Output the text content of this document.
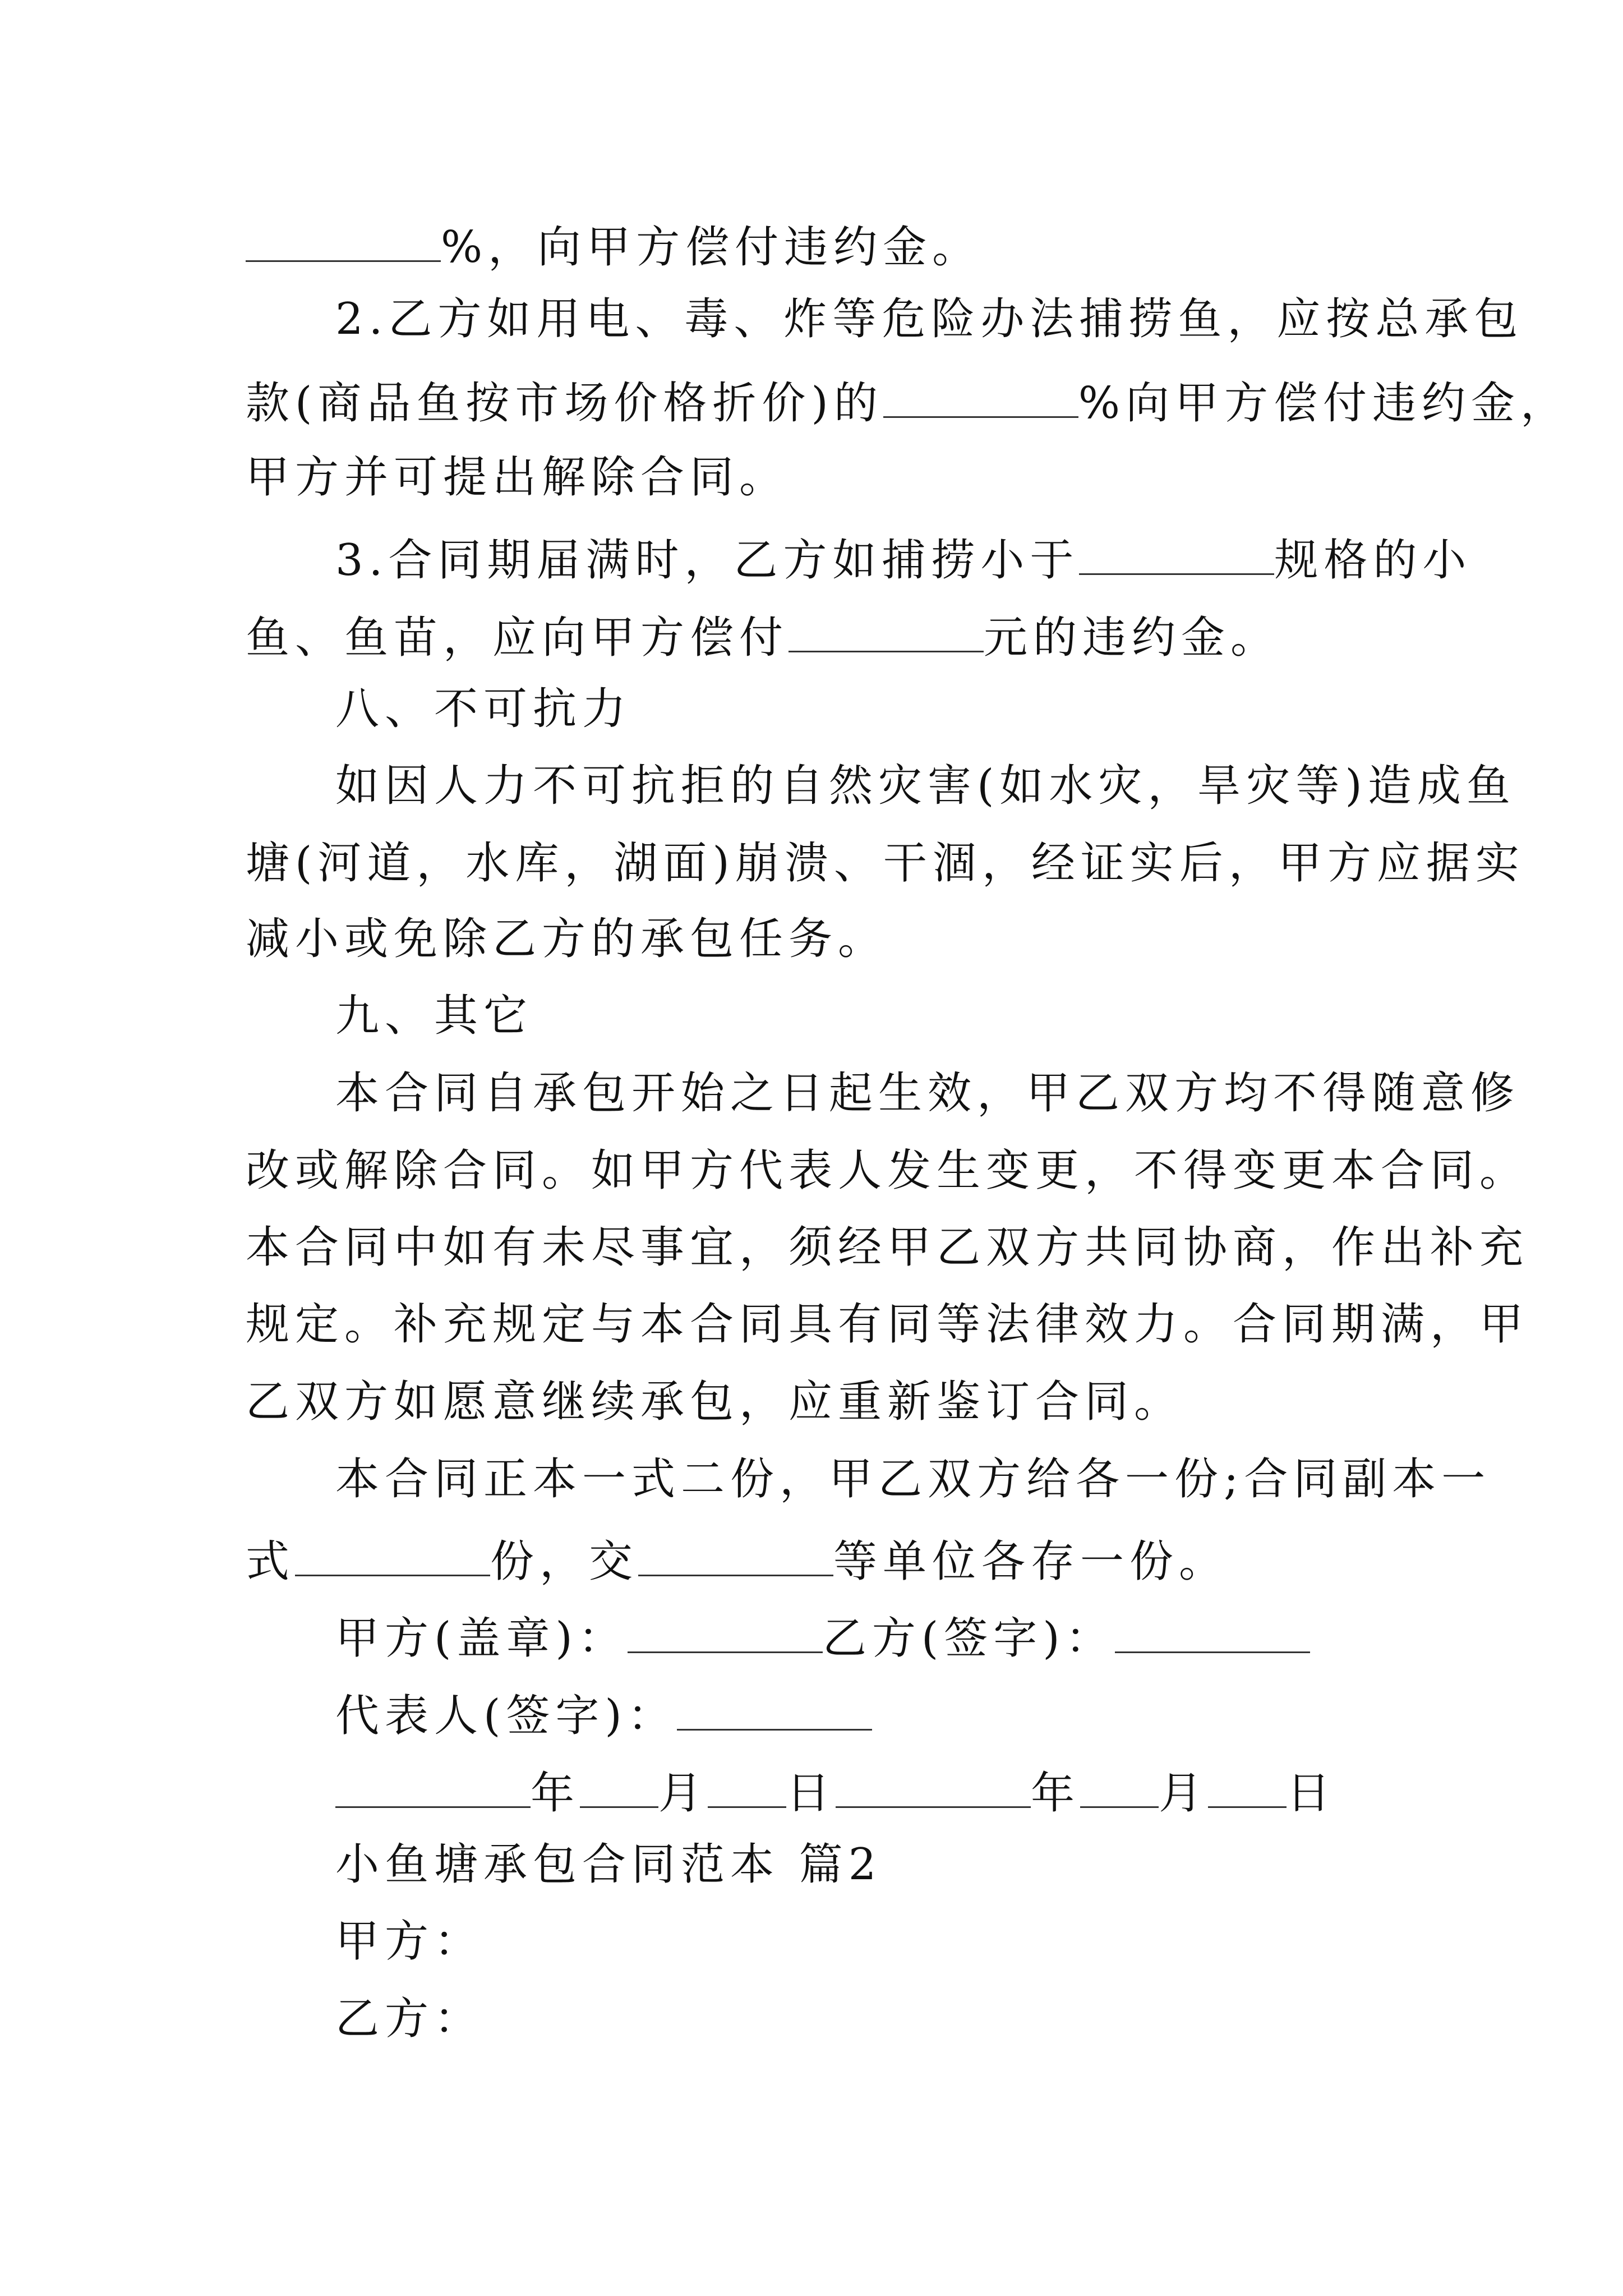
%，向甲方偿付违约金。
2.乙方如用电、毒、炸等危险办法捕捞鱼，应按总承包
款(商品鱼按市场价格折价)的	%向甲方偿付违约金，
甲方并可提出解除合同。
3.合同期届满时，乙方如捕捞小于	规格的小
鱼、鱼苗，应向甲方偿付	元的违约金。
八、不可抗力
如因人力不可抗拒的自然灾害(如水灾，旱灾等)造成鱼
塘(河道，水库，湖面)崩溃、干涸，经证实后，甲方应据实
减小或免除乙方的承包任务。
九、其它
本合同自承包开始之日起生效，甲乙双方均不得随意修
改或解除合同。如甲方代表人发生变更，不得变更本合同。
本合同中如有未尽事宜，须经甲乙双方共同协商，作出补充
规定。补充规定与本合同具有同等法律效力。合同期满，甲
乙双方如愿意继续承包，应重新鉴订合同。
本合同正本一式二份，甲乙双方给各一份;合同副本一
式	份，交	等单位各存一份。
甲方(盖章)：	乙方(签字)：
代表人(签字)：
年 月 日	年 月 日
小鱼塘承包合同范本 篇2
甲方：
乙方：
